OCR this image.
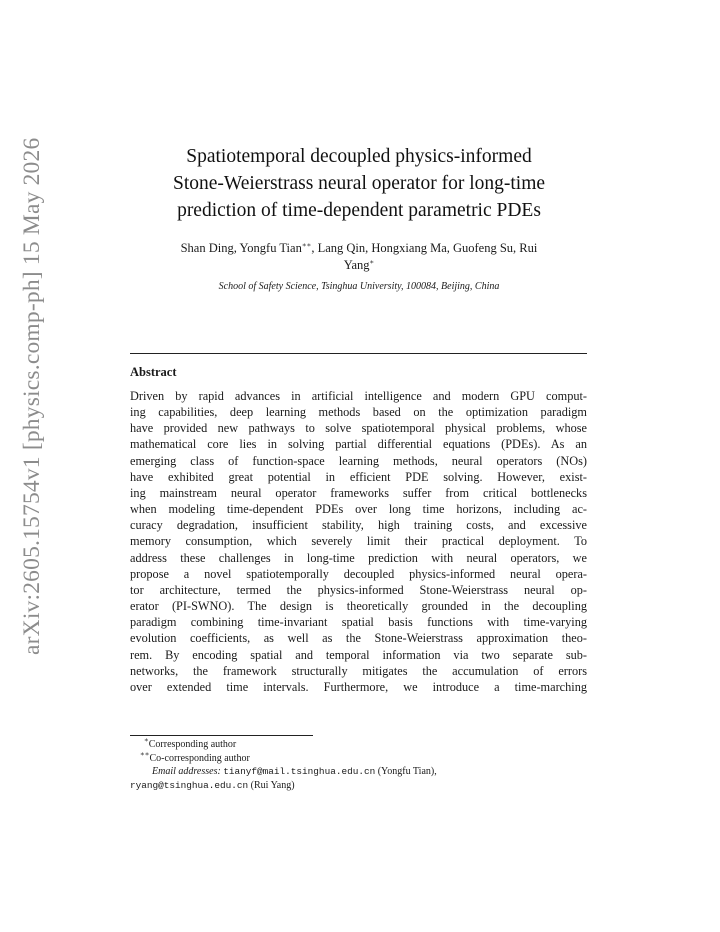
arXiv:2605.15754v1 [physics.comp-ph] 15 May 2026	Spatiotemporal decoupled physics-informed
Stone-Weierstrass neural operator for long-time
prediction of time-dependent parametric PDEs
Shan Ding, Yongfu Tian∗∗, Lang Qin, Hongxiang Ma, Guofeng Su, Rui
Yang∗
School of Safety Science, Tsinghua University, 100084, Beijing, China
Abstract
Driven by rapid advances in artificial intelligence and modern GPU comput-
ing capabilities, deep learning methods based on the optimization paradigm
have provided new pathways to solve spatiotemporal physical problems, whose
mathematical core lies in solving partial differential equations (PDEs). As an
emerging class of function-space learning methods, neural operators (NOs)
have exhibited great potential in efficient PDE solving. However, exist-
ing mainstream neural operator frameworks suffer from critical bottlenecks
when modeling time-dependent PDEs over long time horizons, including ac-
curacy degradation, insufficient stability, high training costs, and excessive
memory consumption, which severely limit their practical deployment. To
address these challenges in long-time prediction with neural operators, we
propose a novel spatiotemporally decoupled physics-informed neural opera-
tor architecture, termed the physics-informed Stone-Weierstrass neural op-
erator (PI-SWNO). The design is theoretically grounded in the decoupling
paradigm combining time-invariant spatial basis functions with time-varying
evolution coefficients, as well as the Stone-Weierstrass approximation theo-
rem. By encoding spatial and temporal information via two separate sub-
networks, the framework structurally mitigates the accumulation of errors
over extended time intervals. Furthermore, we introduce a time-marching
∗Corresponding author
∗∗Co-corresponding author
Email addresses: tianyf@mail.tsinghua.edu.cn (Yongfu Tian),
ryang@tsinghua.edu.cn (Rui Yang)
